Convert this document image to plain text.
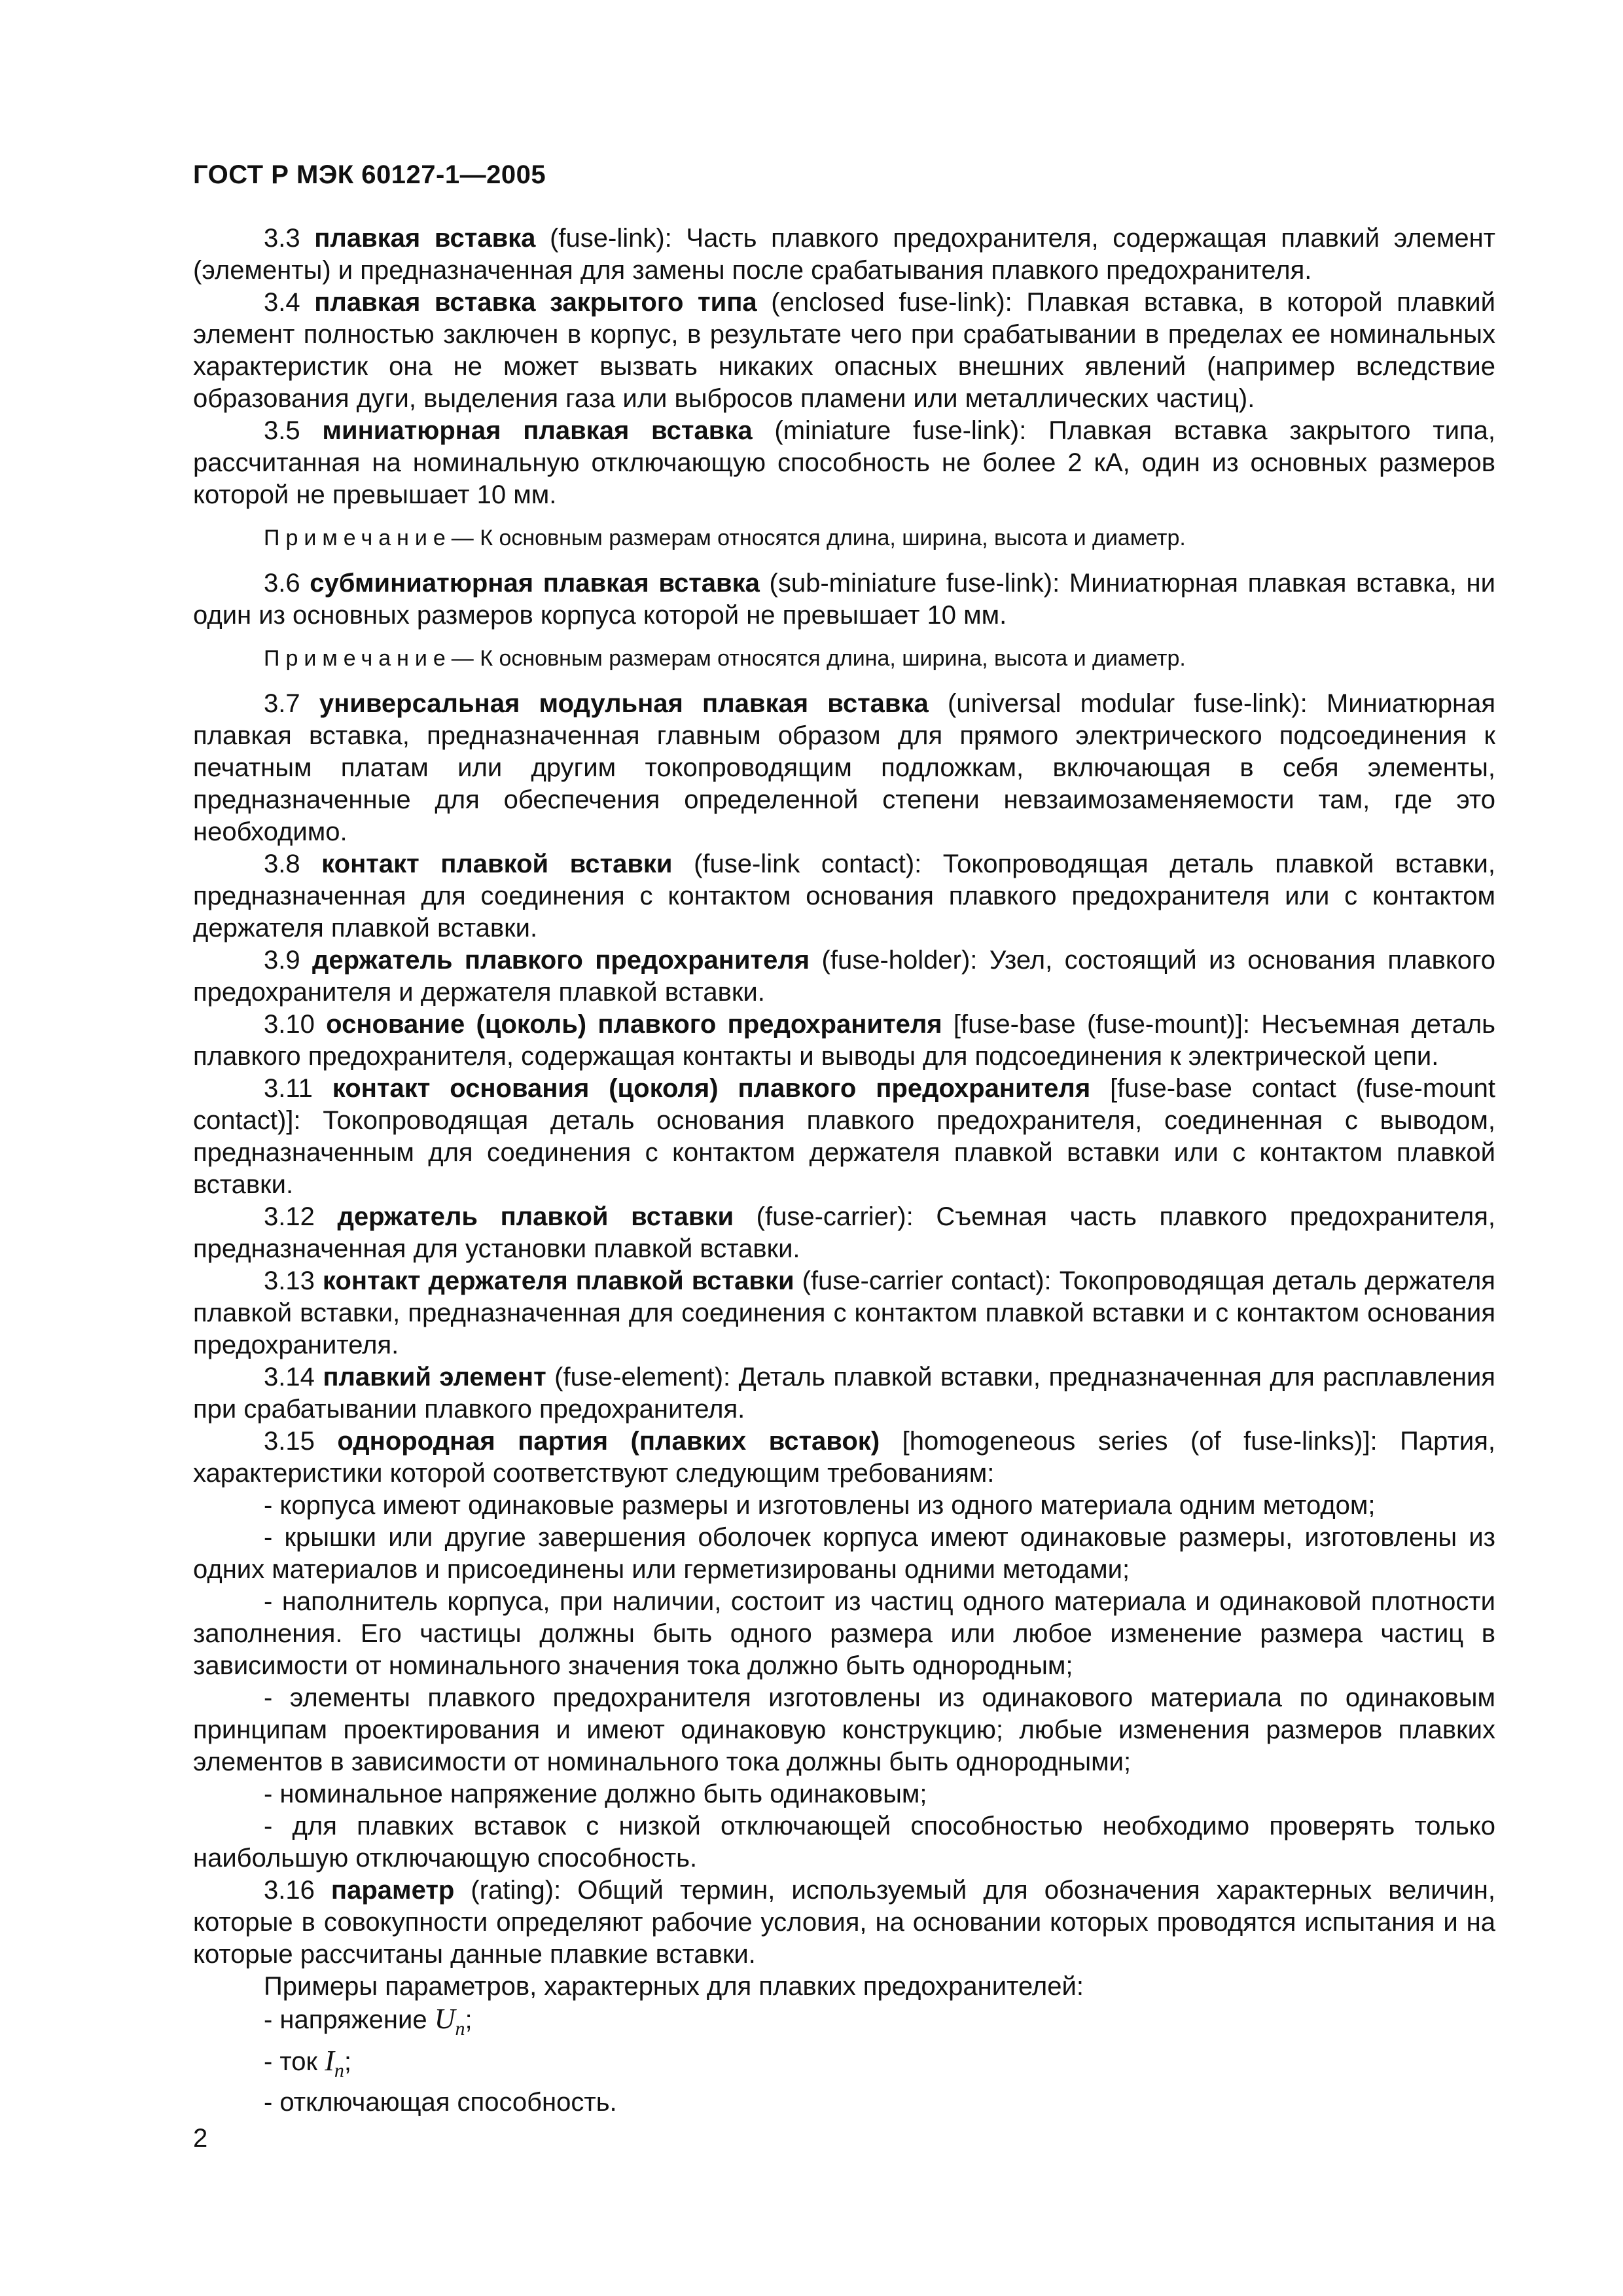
ГОСТ Р МЭК 60127-1—2005

3.3 плавкая вставка (fuse-link): Часть плавкого предохранителя, содержащая плавкий элемент (элементы) и предназначенная для замены после срабатывания плавкого предохранителя.

3.4 плавкая вставка закрытого типа (enclosed fuse-link): Плавкая вставка, в которой плавкий элемент полностью заключен в корпус, в результате чего при срабатывании в пределах ее номинальных характеристик она не может вызвать никаких опасных внешних явлений (например вследствие образования дуги, выделения газа или выбросов пламени или металлических частиц).

3.5 миниатюрная плавкая вставка (miniature fuse-link): Плавкая вставка закрытого типа, рассчитанная на номинальную отключающую способность не более 2 кА, один из основных размеров которой не превышает 10 мм.

Примечание— К основным размерам относятся длина, ширина, высота и диаметр.

3.6 субминиатюрная плавкая вставка (sub-miniature fuse-link): Миниатюрная плавкая вставка, ни один из основных размеров корпуса которой не превышает 10 мм.

Примечание— К основным размерам относятся длина, ширина, высота и диаметр.

3.7 универсальная модульная плавкая вставка (universal modular fuse-link): Миниатюрная плавкая вставка, предназначенная главным образом для прямого электрического подсоединения к печатным платам или другим токопроводящим подложкам, включающая в себя элементы, предназначенные для обеспечения определенной степени невзаимозаменяемости там, где это необходимо.

3.8 контакт плавкой вставки (fuse-link contact): Токопроводящая деталь плавкой вставки, предназначенная для соединения с контактом основания плавкого предохранителя или с контактом держателя плавкой вставки.

3.9 держатель плавкого предохранителя (fuse-holder): Узел, состоящий из основания плавкого предохранителя и держателя плавкой вставки.

3.10 основание (цоколь) плавкого предохранителя [fuse-base (fuse-mount)]: Несъемная деталь плавкого предохранителя, содержащая контакты и выводы для подсоединения к электрической цепи.

3.11 контакт основания (цоколя) плавкого предохранителя [fuse-base contact (fuse-mount contact)]: Токопроводящая деталь основания плавкого предохранителя, соединенная с выводом, предназначенным для соединения с контактом держателя плавкой вставки или с контактом плавкой вставки.

3.12 держатель плавкой вставки (fuse-carrier): Съемная часть плавкого предохранителя, предназначенная для установки плавкой вставки.

3.13 контакт держателя плавкой вставки (fuse-carrier contact): Токопроводящая деталь держателя плавкой вставки, предназначенная для соединения с контактом плавкой вставки и с контактом основания предохранителя.

3.14 плавкий элемент (fuse-element): Деталь плавкой вставки, предназначенная для расплавления при срабатывании плавкого предохранителя.

3.15 однородная партия (плавких вставок) [homogeneous series (of fuse-links)]: Партия, характеристики которой соответствуют следующим требованиям:

- корпуса имеют одинаковые размеры и изготовлены из одного материала одним методом;

- крышки или другие завершения оболочек корпуса имеют одинаковые размеры, изготовлены из одних материалов и присоединены или герметизированы одними методами;

- наполнитель корпуса, при наличии, состоит из частиц одного материала и одинаковой плотности заполнения. Его частицы должны быть одного размера или любое изменение размера частиц в зависимости от номинального значения тока должно быть однородным;

- элементы плавкого предохранителя изготовлены из одинакового материала по одинаковым принципам проектирования и имеют одинаковую конструкцию; любые изменения размеров плавких элементов в зависимости от номинального тока должны быть однородными;

- номинальное напряжение должно быть одинаковым;

- для плавких вставок с низкой отключающей способностью необходимо проверять только наибольшую отключающую способность.

3.16 параметр (rating): Общий термин, используемый для обозначения характерных величин, которые в совокупности определяют рабочие условия, на основании которых проводятся испытания и на которые рассчитаны данные плавкие вставки.

Примеры параметров, характерных для плавких предохранителей:

- напряжение $U_n$;

- ток $I_n$;

- отключающая способность.

2
